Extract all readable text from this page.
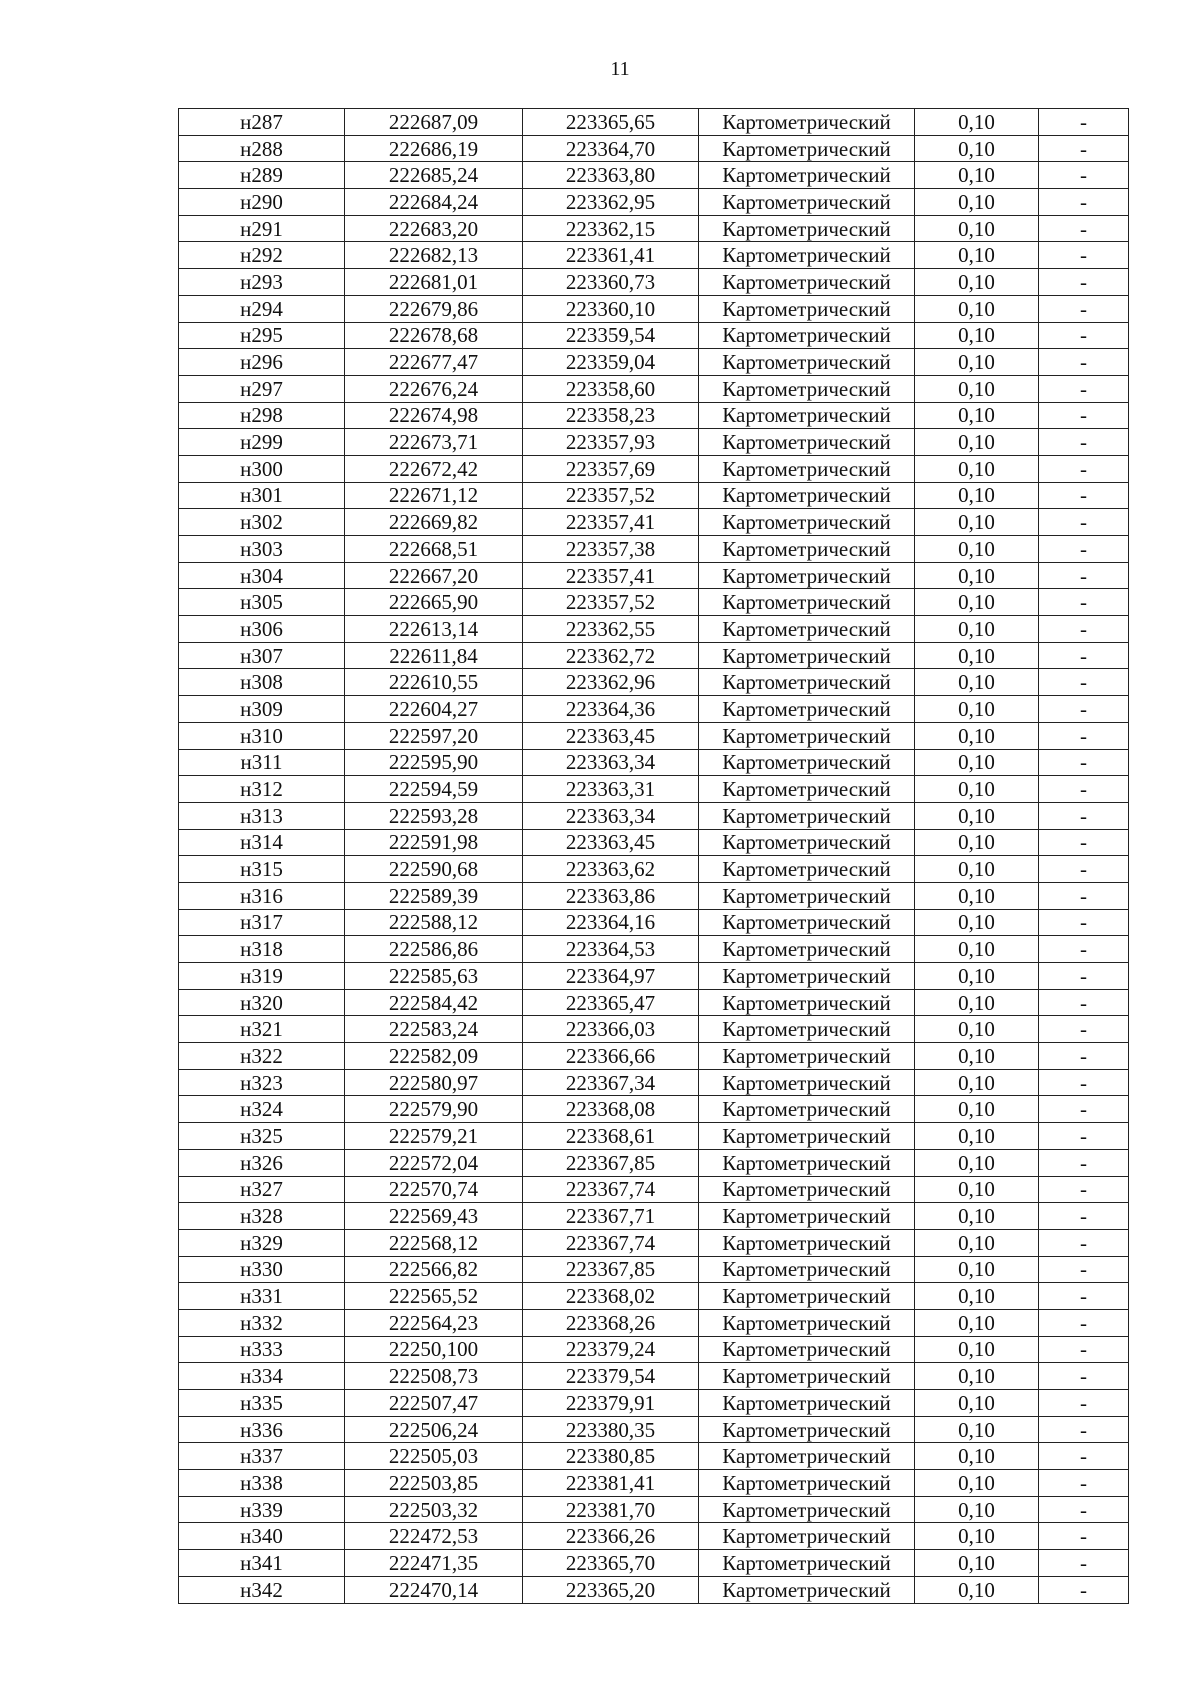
11
н287	222687,09	223365,65	Картометрический	0,10	-
н288	222686,19	223364,70	Картометрический	0,10	-
н289	222685,24	223363,80	Картометрический	0,10	-
н290	222684,24	223362,95	Картометрический	0,10	-
н291	222683,20	223362,15	Картометрический	0,10	-
н292	222682,13	223361,41	Картометрический	0,10	-
н293	222681,01	223360,73	Картометрический	0,10	-
н294	222679,86	223360,10	Картометрический	0,10	-
н295	222678,68	223359,54	Картометрический	0,10	-
н296	222677,47	223359,04	Картометрический	0,10	-
н297	222676,24	223358,60	Картометрический	0,10	-
н298	222674,98	223358,23	Картометрический	0,10	-
н299	222673,71	223357,93	Картометрический	0,10	-
н300	222672,42	223357,69	Картометрический	0,10	-
н301	222671,12	223357,52	Картометрический	0,10	-
н302	222669,82	223357,41	Картометрический	0,10	-
н303	222668,51	223357,38	Картометрический	0,10	-
н304	222667,20	223357,41	Картометрический	0,10	-
н305	222665,90	223357,52	Картометрический	0,10	-
н306	222613,14	223362,55	Картометрический	0,10	-
н307	222611,84	223362,72	Картометрический	0,10	-
н308	222610,55	223362,96	Картометрический	0,10	-
н309	222604,27	223364,36	Картометрический	0,10	-
н310	222597,20	223363,45	Картометрический	0,10	-
н311	222595,90	223363,34	Картометрический	0,10	-
н312	222594,59	223363,31	Картометрический	0,10	-
н313	222593,28	223363,34	Картометрический	0,10	-
н314	222591,98	223363,45	Картометрический	0,10	-
н315	222590,68	223363,62	Картометрический	0,10	-
н316	222589,39	223363,86	Картометрический	0,10	-
н317	222588,12	223364,16	Картометрический	0,10	-
н318	222586,86	223364,53	Картометрический	0,10	-
н319	222585,63	223364,97	Картометрический	0,10	-
н320	222584,42	223365,47	Картометрический	0,10	-
н321	222583,24	223366,03	Картометрический	0,10	-
н322	222582,09	223366,66	Картометрический	0,10	-
н323	222580,97	223367,34	Картометрический	0,10	-
н324	222579,90	223368,08	Картометрический	0,10	-
н325	222579,21	223368,61	Картометрический	0,10	-
н326	222572,04	223367,85	Картометрический	0,10	-
н327	222570,74	223367,74	Картометрический	0,10	-
н328	222569,43	223367,71	Картометрический	0,10	-
н329	222568,12	223367,74	Картометрический	0,10	-
н330	222566,82	223367,85	Картометрический	0,10	-
н331	222565,52	223368,02	Картометрический	0,10	-
н332	222564,23	223368,26	Картометрический	0,10	-
н333	22250,100	223379,24	Картометрический	0,10	-
н334	222508,73	223379,54	Картометрический	0,10	-
н335	222507,47	223379,91	Картометрический	0,10	-
н336	222506,24	223380,35	Картометрический	0,10	-
н337	222505,03	223380,85	Картометрический	0,10	-
н338	222503,85	223381,41	Картометрический	0,10	-
н339	222503,32	223381,70	Картометрический	0,10	-
н340	222472,53	223366,26	Картометрический	0,10	-
н341	222471,35	223365,70	Картометрический	0,10	-
н342	222470,14	223365,20	Картометрический	0,10	-
